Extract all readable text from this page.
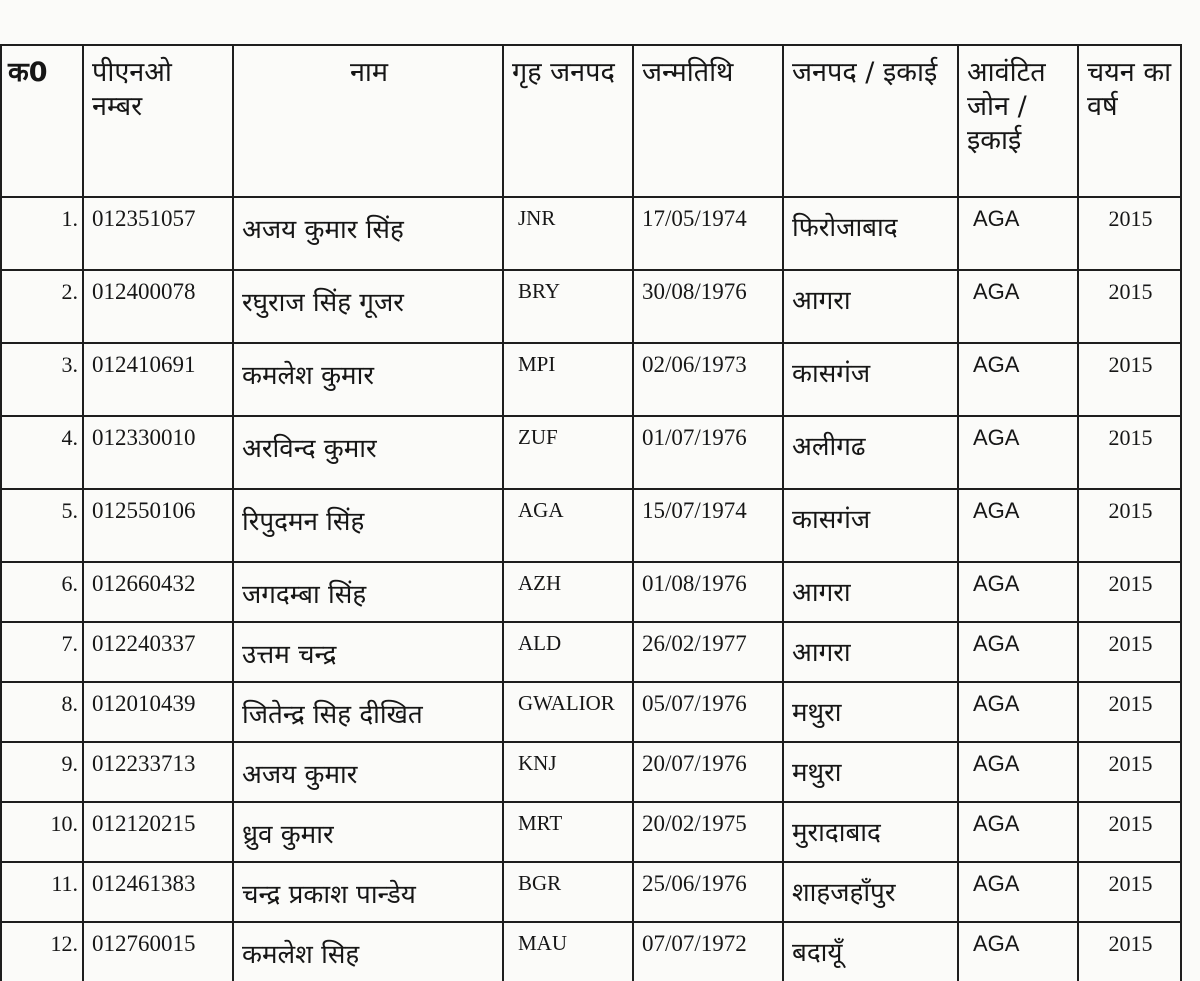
क0	पीएनओ नम्बर	नाम	गृह जनपद	जन्मतिथि	जनपद / इकाई	आवंटित जोन / इकाई	चयन का वर्ष
1.	012351057	अजय कुमार सिंह	JNR	17/05/1974	फिरोजाबाद	AGA	2015
2.	012400078	रघुराज सिंह गूजर	BRY	30/08/1976	आगरा	AGA	2015
3.	012410691	कमलेश कुमार	MPI	02/06/1973	कासगंज	AGA	2015
4.	012330010	अरविन्द कुमार	ZUF	01/07/1976	अलीगढ	AGA	2015
5.	012550106	रिपुदमन सिंह	AGA	15/07/1974	कासगंज	AGA	2015
6.	012660432	जगदम्बा सिंह	AZH	01/08/1976	आगरा	AGA	2015
7.	012240337	उत्तम चन्द्र	ALD	26/02/1977	आगरा	AGA	2015
8.	012010439	जितेन्द्र सिह दीखित	GWALIOR	05/07/1976	मथुरा	AGA	2015
9.	012233713	अजय कुमार	KNJ	20/07/1976	मथुरा	AGA	2015
10.	012120215	ध्रुव कुमार	MRT	20/02/1975	मुरादाबाद	AGA	2015
11.	012461383	चन्द्र प्रकाश पान्डेय	BGR	25/06/1976	शाहजहाँपुर	AGA	2015
12.	012760015	कमलेश सिह	MAU	07/07/1972	बदायूँ	AGA	2015
